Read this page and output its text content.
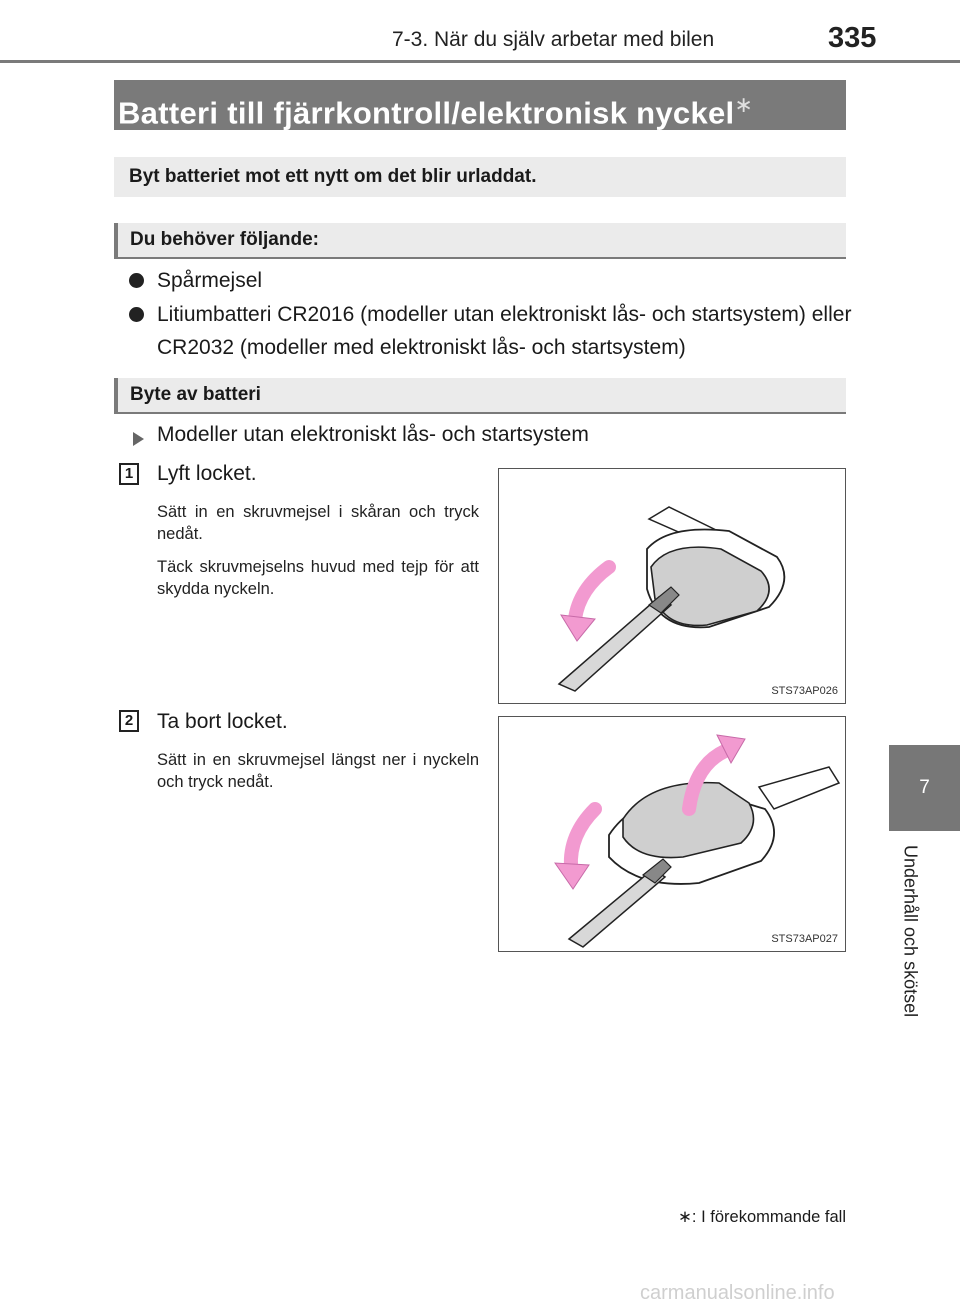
7-3. När du själv arbetar med bilen	335
7
Underhåll och skötsel
Batteri till fjärrkontroll/elektronisk nyckel∗
Byt batteriet mot ett nytt om det blir urladdat.
Du behöver följande:
Spårmejsel
Litiumbatteri CR2016 (modeller utan elektroniskt lås- och startsystem) eller CR2032 (modeller med elektroniskt lås- och startsystem)
Byte av batteri
Modeller utan elektroniskt lås- och startsystem
1 Lyft locket.
Sätt in en skruvmejsel i skåran och tryck nedåt.
Täck skruvmejselns huvud med tejp för att skydda nyckeln.
STS73AP026
2 Ta bort locket.
Sätt in en skruvmejsel längst ner i nyckeln och tryck nedåt.
STS73AP027
∗: I förekommande fall
carmanualsonline.info
